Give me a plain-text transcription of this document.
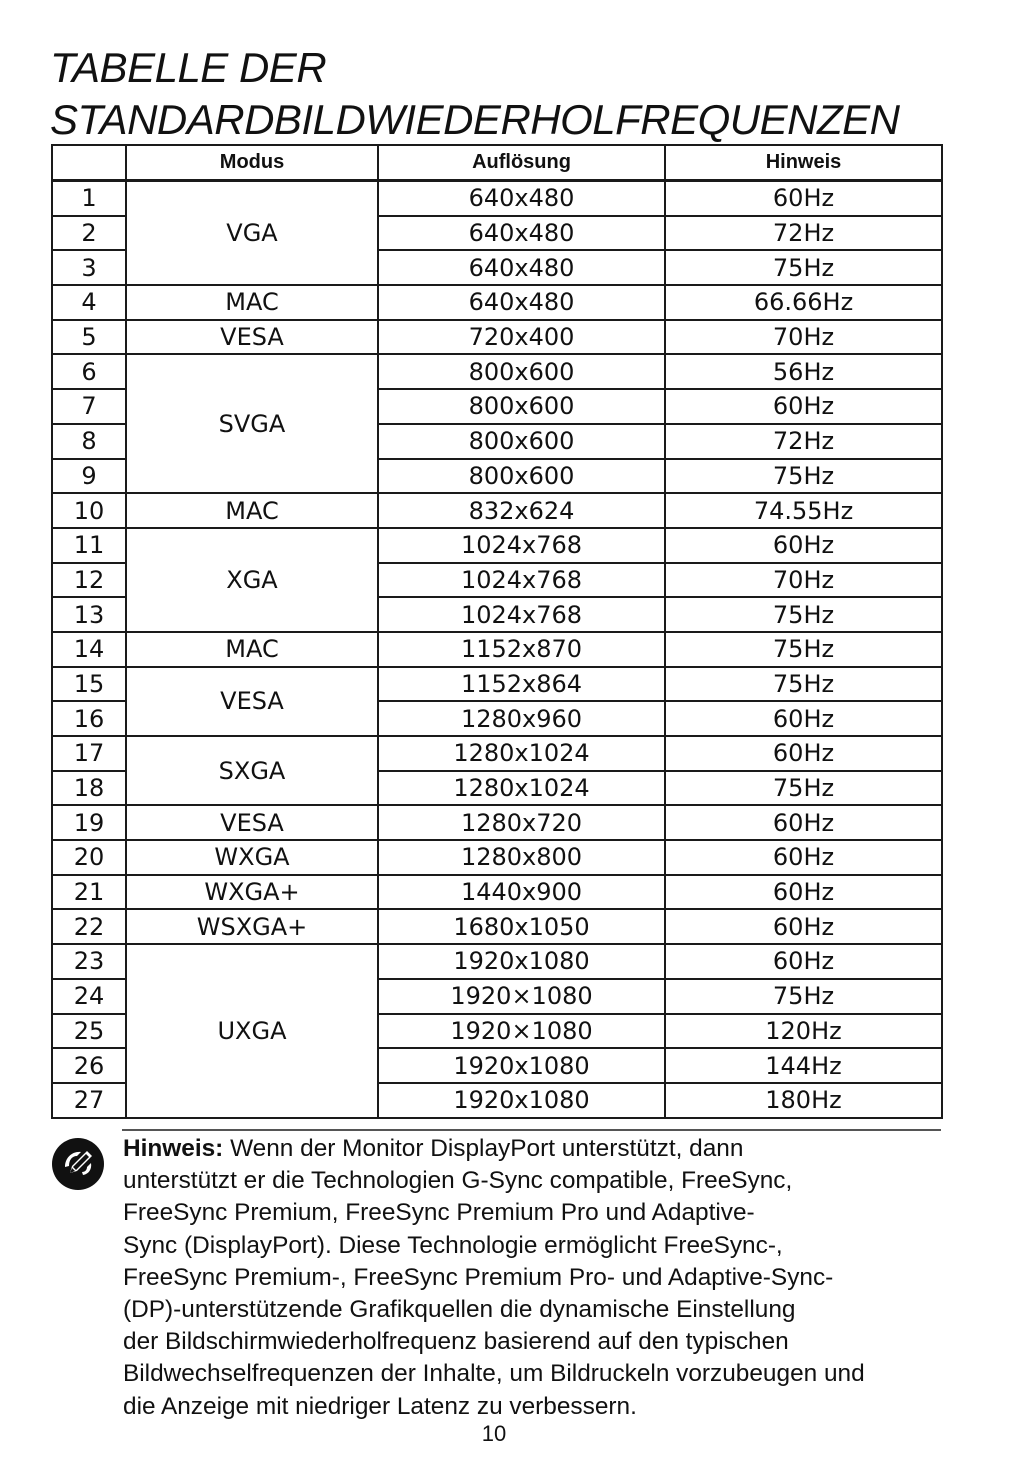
TABELLE DER
STANDARDBILDWIEDERHOLFREQUENZEN
	Modus	Auflösung	Hinweis
1	VGA	640x480	60Hz
2		640x480	72Hz
3		640x480	75Hz
4	MAC	640x480	66.66Hz
5	VESA	720x400	70Hz
6	SVGA	800x600	56Hz
7		800x600	60Hz
8		800x600	72Hz
9		800x600	75Hz
10	MAC	832x624	74.55Hz
11	XGA	1024x768	60Hz
12		1024x768	70Hz
13		1024x768	75Hz
14	MAC	1152x870	75Hz
15	VESA	1152x864	75Hz
16		1280x960	60Hz
17	SXGA	1280x1024	60Hz
18		1280x1024	75Hz
19	VESA	1280x720	60Hz
20	WXGA	1280x800	60Hz
21	WXGA+	1440x900	60Hz
22	WSXGA+	1680x1050	60Hz
23	UXGA	1920x1080	60Hz
24		1920×1080	75Hz
25		1920×1080	120Hz
26		1920x1080	144Hz
27		1920x1080	180Hz
Hinweis: Wenn der Monitor DisplayPort unterstützt, dann
unterstützt er die Technologien G-Sync compatible, FreeSync,
FreeSync Premium, FreeSync Premium Pro und Adaptive-
Sync (DisplayPort). Diese Technologie ermöglicht FreeSync-,
FreeSync Premium-, FreeSync Premium Pro- und Adaptive-Sync-
(DP)-unterstützende Grafikquellen die dynamische Einstellung
der Bildschirmwiederholfrequenz basierend auf den typischen
Bildwechselfrequenzen der Inhalte, um Bildruckeln vorzubeugen und
die Anzeige mit niedriger Latenz zu verbessern.
10
